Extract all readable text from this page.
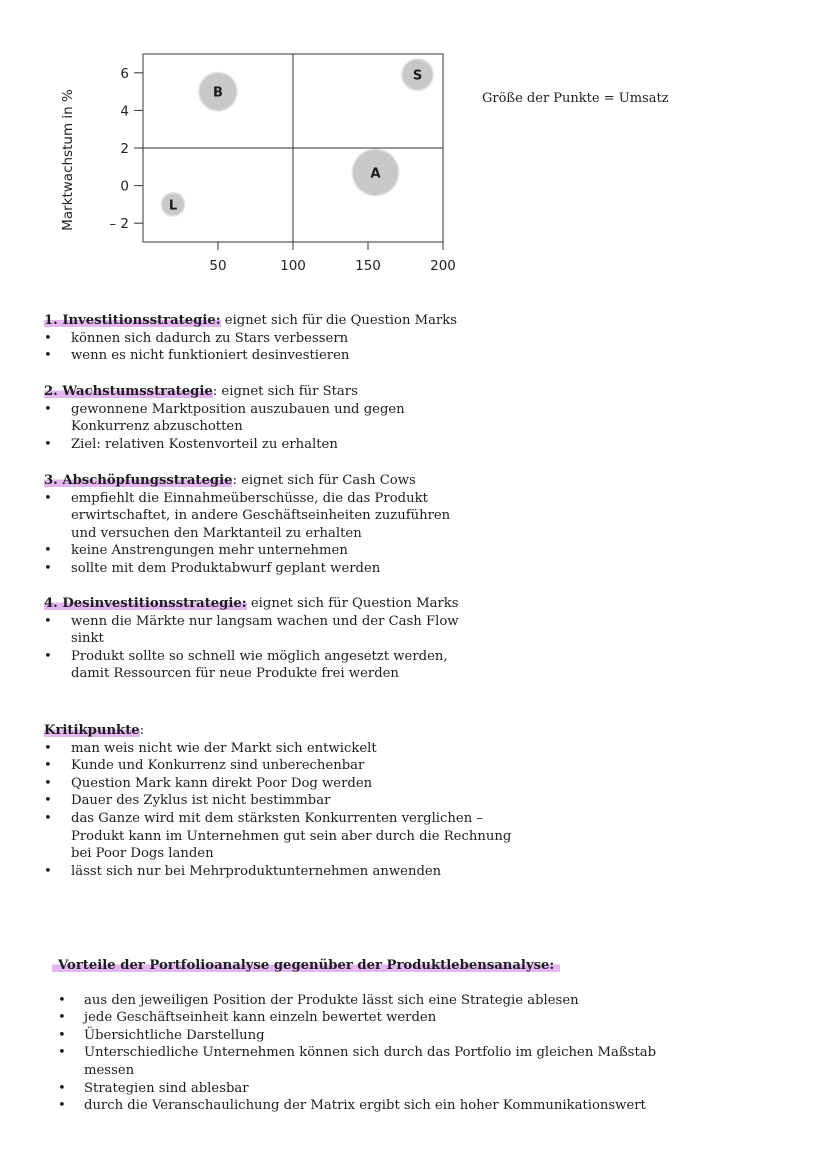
6
4
2
0
– 2
50	100	150	200
B
S
A
L
Marktwachstum in %	Größe der Punkte = Umsatz

1. Investitionsstrategie: eignet sich für die Question Marks

• können sich dadurch zu Stars verbessern
• wenn es nicht funktioniert desinvestieren

2. Wachstumsstrategie: eignet sich für Stars

• gewonnene Marktposition auszubauen und gegen
Konkurrenz abzuschotten
• Ziel: relativen Kostenvorteil zu erhalten

3. Abschöpfungsstrategie: eignet sich für Cash Cows

• empfiehlt die Einnahmeüberschüsse, die das Produkt
erwirtschaftet, in andere Geschäftseinheiten zuzuführen
und versuchen den Marktanteil zu erhalten
• keine Anstrengungen mehr unternehmen
• sollte mit dem Produktabwurf geplant werden

4. Desinvestitionsstrategie: eignet sich für Question Marks

• wenn die Märkte nur langsam wachen und der Cash Flow
sinkt
• Produkt sollte so schnell wie möglich angesetzt werden,
damit Ressourcen für neue Produkte frei werden

Kritikpunkte:

• man weis nicht wie der Markt sich entwickelt
• Kunde und Konkurrenz sind unberechenbar
• Question Mark kann direkt Poor Dog werden
• Dauer des Zyklus ist nicht bestimmbar
• das Ganze wird mit dem stärksten Konkurrenten verglichen –
Produkt kann im Unternehmen gut sein aber durch die Rechnung
bei Poor Dogs landen
• lässt sich nur bei Mehrproduktunternehmen anwenden

Vorteile der Portfolioanalyse gegenüber der Produktlebensanalyse:

• aus den jeweiligen Position der Produkte lässt sich eine Strategie ablesen
• jede Geschäftseinheit kann einzeln bewertet werden
• Übersichtliche Darstellung
• Unterschiedliche Unternehmen können sich durch das Portfolio im gleichen Maßstab
messen
• Strategien sind ablesbar
• durch die Veranschaulichung der Matrix ergibt sich ein hoher Kommunikationswert
